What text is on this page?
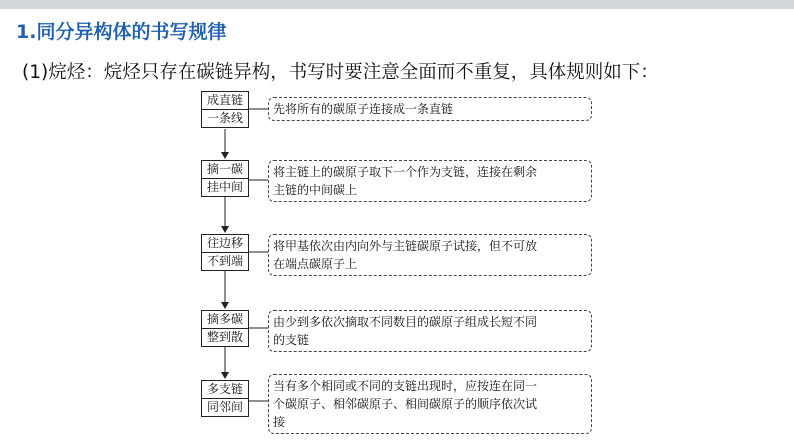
1.同分异构体的书写规律
(1)烷烃：烷烃只存在碳链异构，书写时要注意全面而不重复，具体规则如下：
成直链
一条线
先将所有的碳原子连接成一条直链
摘一碳
挂中间
将主链上的碳原子取下一个作为支链，连接在剩余
主链的中间碳上
往边移
不到端
将甲基依次由内向外与主链碳原子试接，但不可放
在端点碳原子上
摘多碳
整到散
由少到多依次摘取不同数目的碳原子组成长短不同
的支链
多支链
同邻间
当有多个相同或不同的支链出现时，应按连在同一
个碳原子、相邻碳原子、相间碳原子的顺序依次试
接
